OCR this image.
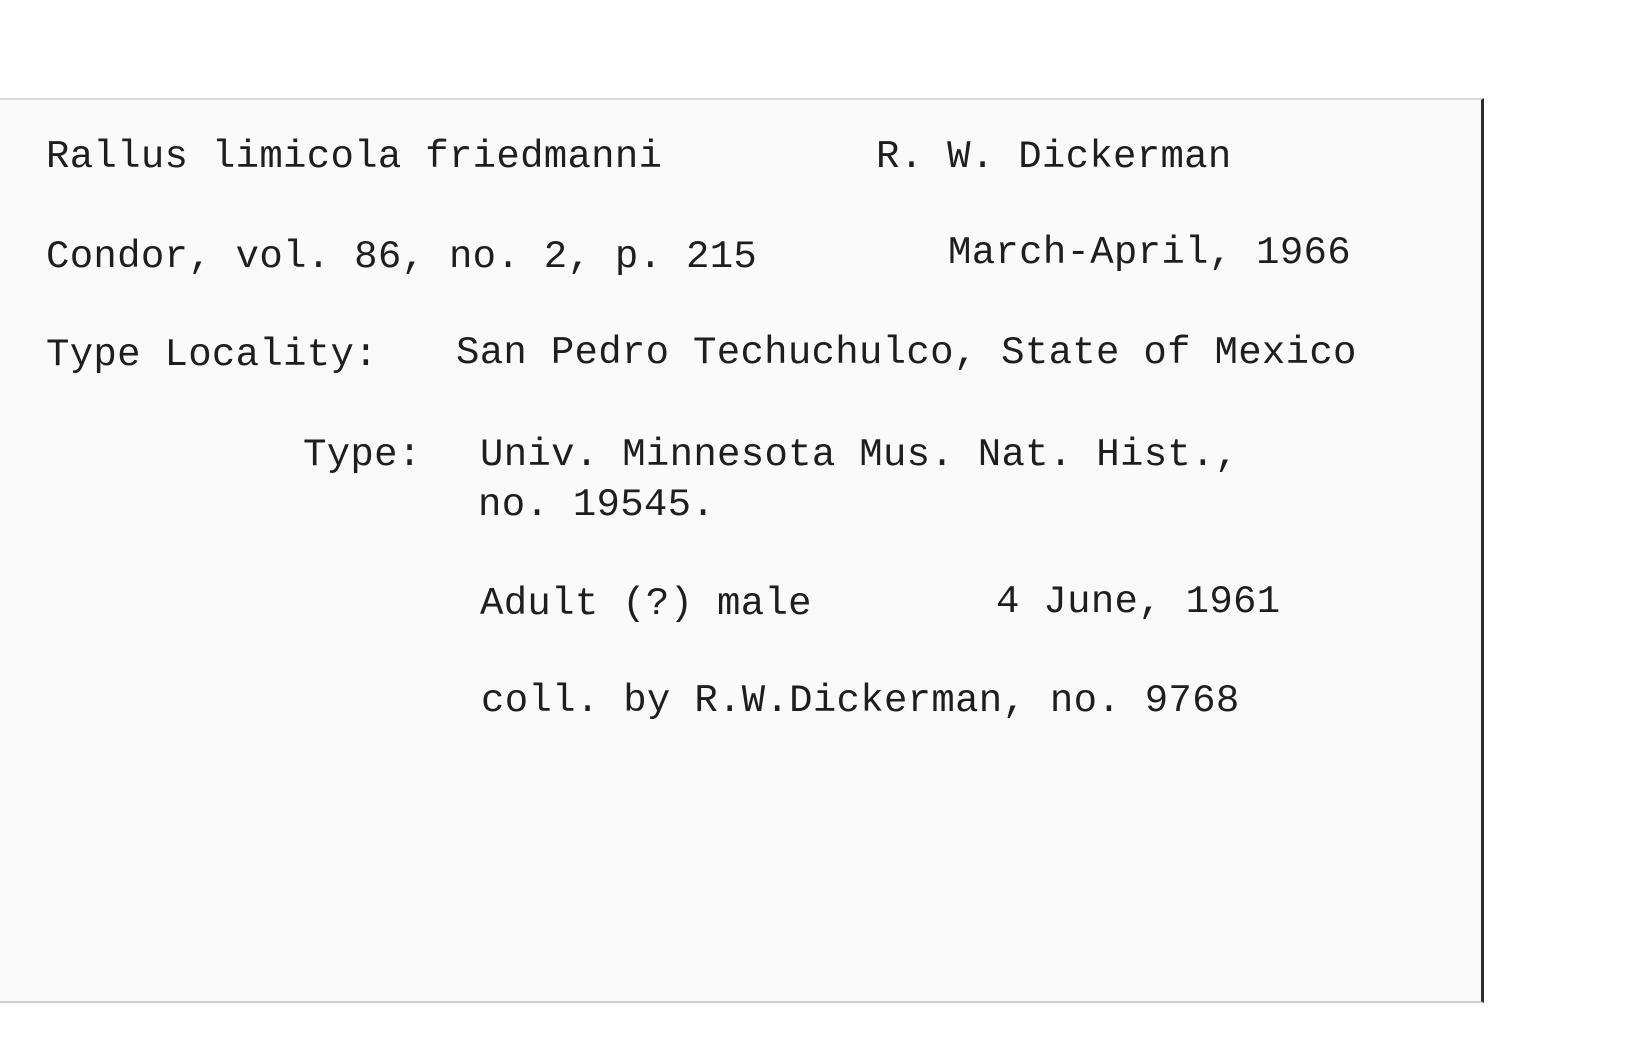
Rallus limicola friedmanni	R. W. Dickerman
Condor, vol. 86, no. 2, p. 215	March-April, 1966
Type Locality: San Pedro Techuchulco, State of Mexico
Type: Univ. Minnesota Mus. Nat. Hist.,
no. 19545.
Adult (?) male	4 June, 1961
coll. by R.W.Dickerman, no. 9768
